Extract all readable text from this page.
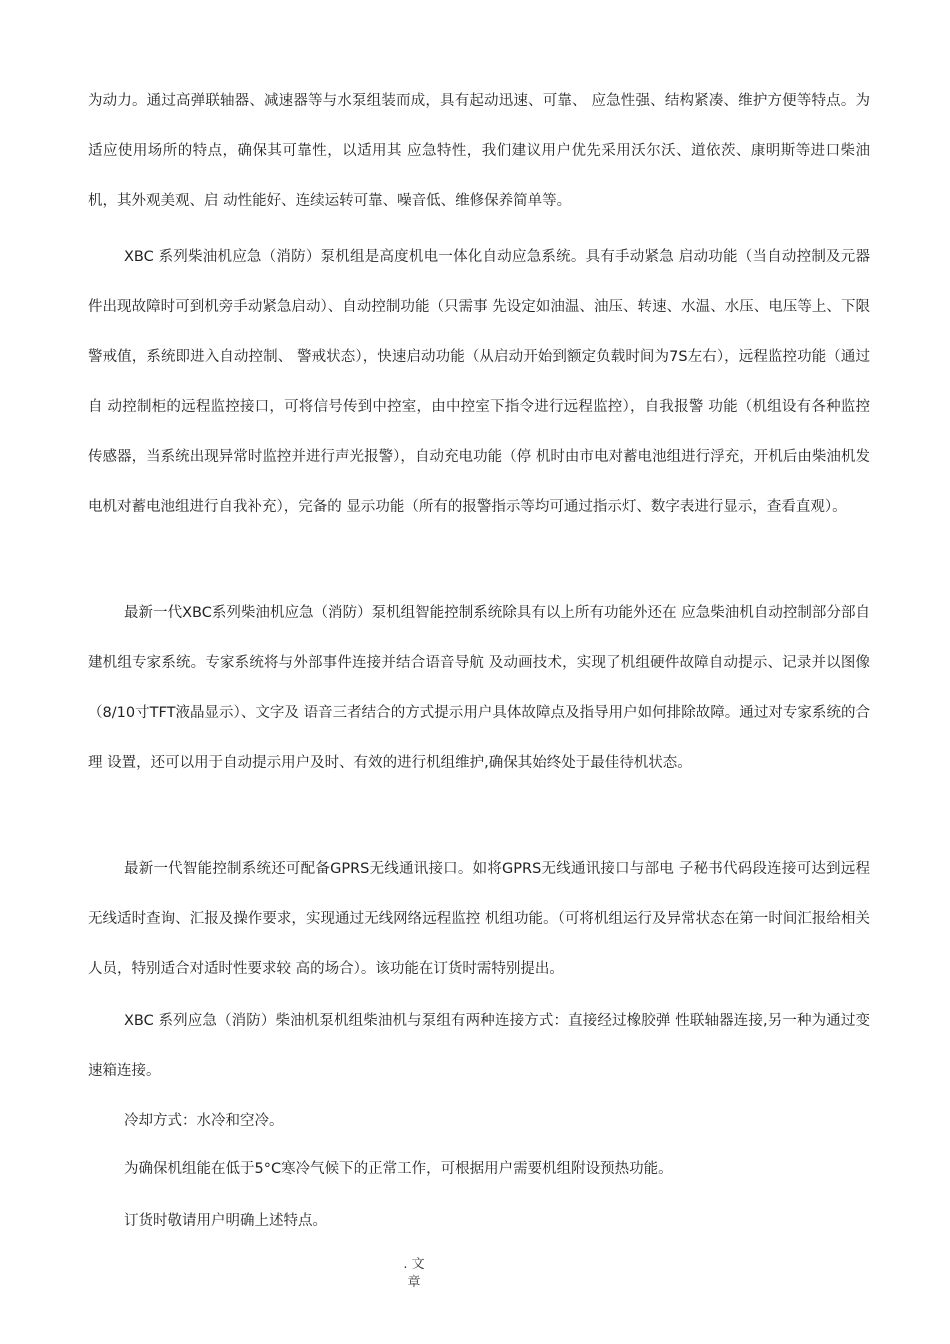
为动力。通过高弹联轴器、减速器等与水泵组装而成，具有起动迅速、可靠、 应急性强、结构紧凑、维护方便等特点。为适应使用场所的特点，确保其可靠性，以适用其 应急特性，我们建议用户优先采用沃尔沃、道依茨、康明斯等进口柴油机，其外观美观、启 动性能好、连续运转可靠、噪音低、维修保养简单等。

XBC 系列柴油机应急（消防）泵机组是高度机电一体化自动应急系统。具有手动紧急 启动功能（当自动控制及元器件出现故障时可到机旁手动紧急启动）、自动控制功能（只需事 先设定如油温、油压、转速、水温、水压、电压等上、下限警戒值，系统即进入自动控制、 警戒状态），快速启动功能（从启动开始到额定负载时间为7S左右），远程监控功能（通过自 动控制柜的远程监控接口，可将信号传到中控室，由中控室下指令进行远程监控），自我报警 功能（机组设有各种监控传感器，当系统出现异常时监控并进行声光报警），自动充电功能（停 机时由市电对蓄电池组进行浮充，开机后由柴油机发电机对蓄电池组进行自我补充），完备的 显示功能（所有的报警指示等均可通过指示灯、数字表进行显示，查看直观）。

最新一代XBC系列柴油机应急（消防）泵机组智能控制系统除具有以上所有功能外还在 应急柴油机自动控制部分部自建机组专家系统。专家系统将与外部事件连接并结合语音导航 及动画技术，实现了机组硬件故障自动提示、记录并以图像（8/10寸TFT液晶显示）、文字及 语音三者结合的方式提示用户具体故障点及指导用户如何排除故障。通过对专家系统的合理 设置，还可以用于自动提示用户及时、有效的进行机组维护,确保其始终处于最佳待机状态。

最新一代智能控制系统还可配备GPRS无线通讯接口。如将GPRS无线通讯接口与部电 子秘书代码段连接可达到远程无线适时查询、汇报及操作要求，实现通过无线网络远程监控 机组功能。（可将机组运行及异常状态在第一时间汇报给相关人员，特别适合对适时性要求较 高的场合）。该功能在订货时需特别提出。

XBC 系列应急（消防）柴油机泵机组柴油机与泵组有两种连接方式：直接经过橡胶弹 性联轴器连接,另一种为通过变速箱连接。

冷却方式：水冷和空冷。

为确保机组能在低于5°C寒冷气候下的正常工作，可根据用户需要机组附设预热功能。

订货时敬请用户明确上述特点。

. 文
章
